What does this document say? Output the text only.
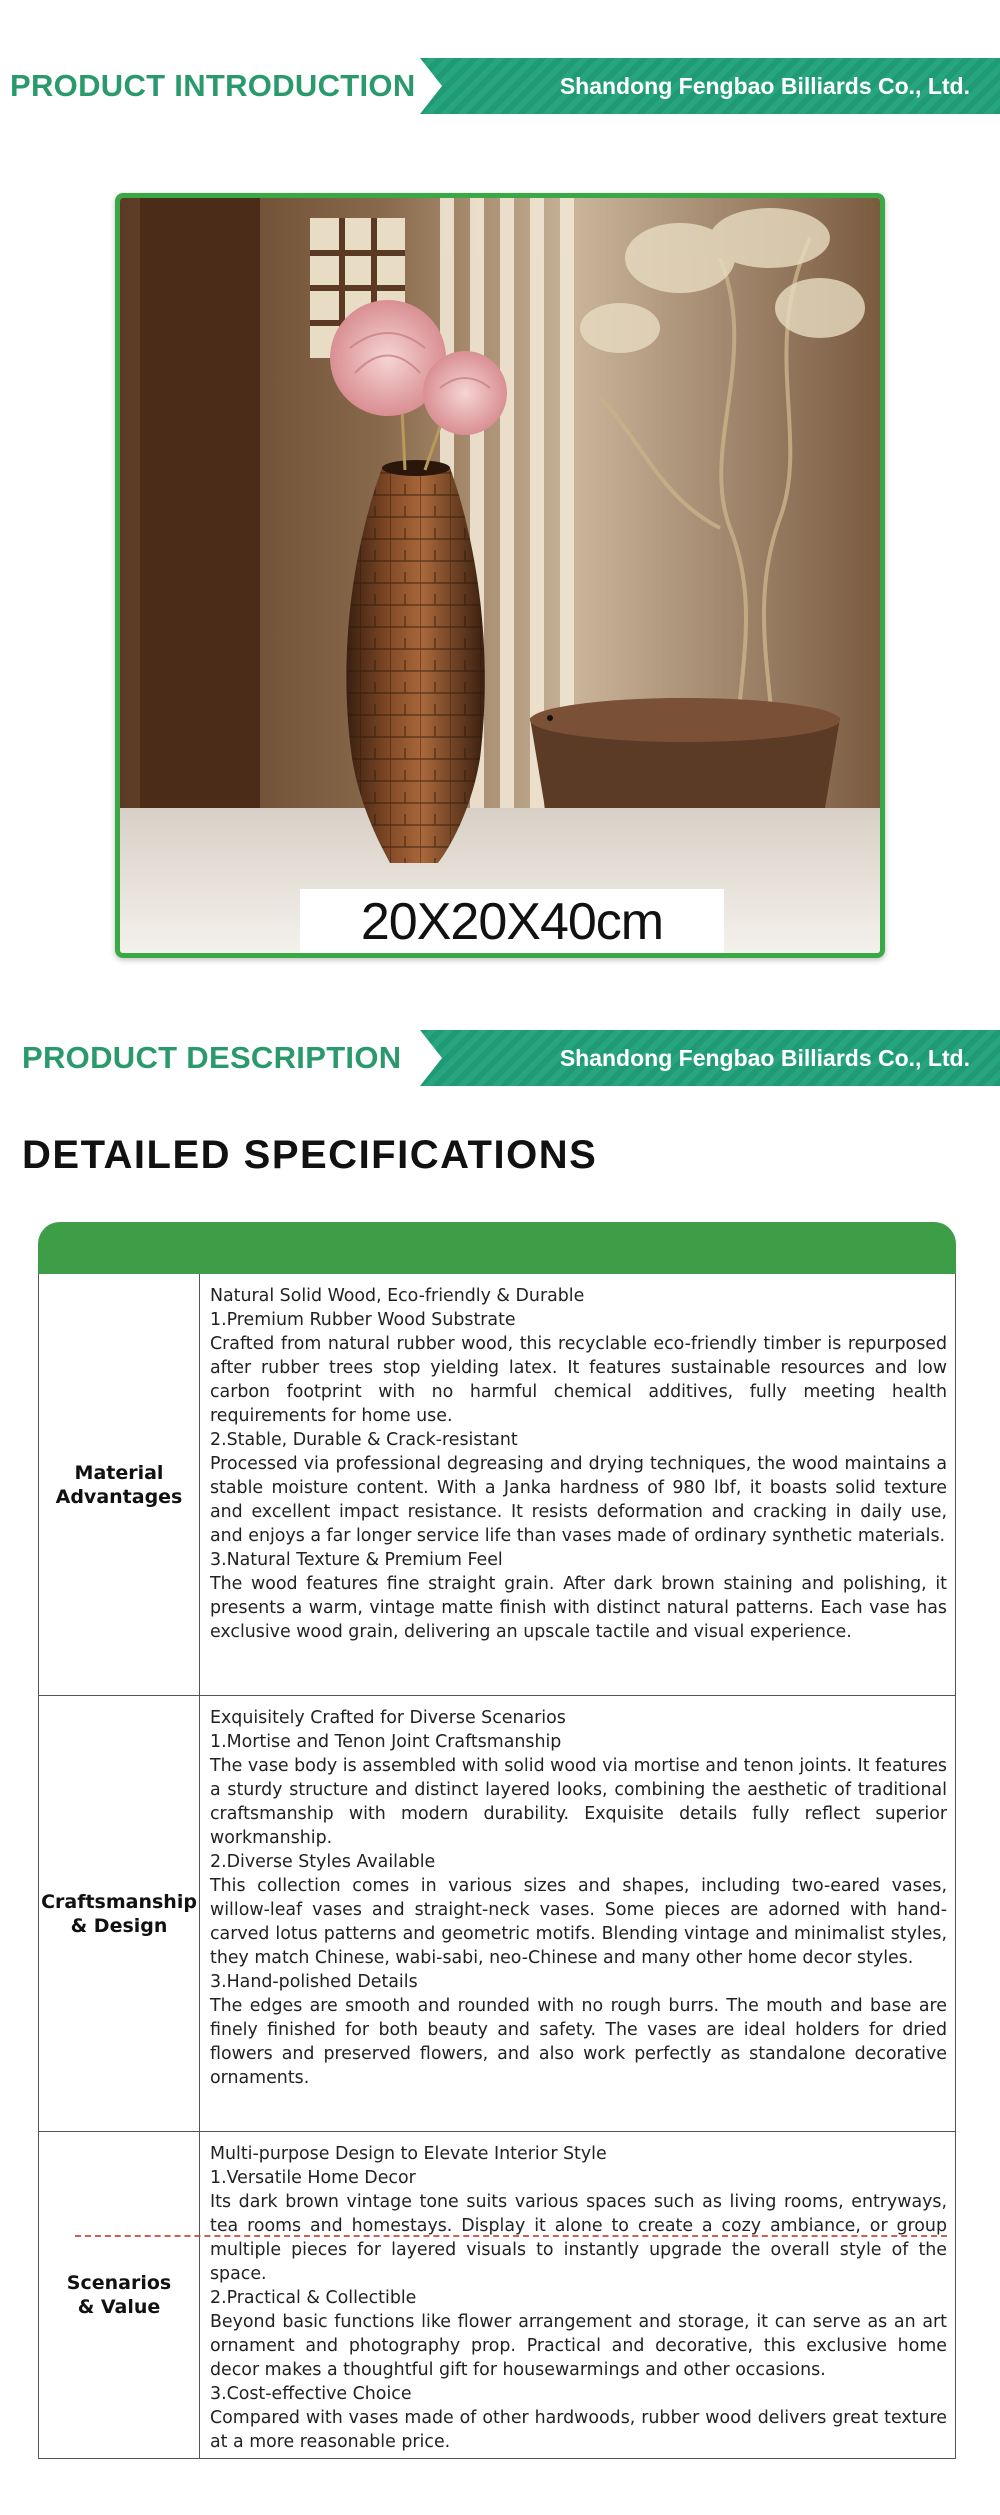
PRODUCT INTRODUCTION	Shandong Fengbao Billiards Co., Ltd.
20X20X40cm
PRODUCT DESCRIPTION	Shandong Fengbao Billiards Co., Ltd.
DETAILED SPECIFICATIONS
Material
Advantages

Natural Solid Wood, Eco-friendly & Durable

1.Premium Rubber Wood Substrate

Crafted from natural rubber wood, this recyclable eco-friendly timber is repurposed after rubber trees stop yielding latex. It features sustainable resources and low carbon footprint with no harmful chemical additives, fully meeting health requirements for home use.

2.Stable, Durable & Crack-resistant

Processed via professional degreasing and drying techniques, the wood maintains a stable moisture content. With a Janka hardness of 980 lbf, it boasts solid texture and excellent impact resistance. It resists deformation and cracking in daily use, and enjoys a far longer service life than vases made of ordinary synthetic materials.

3.Natural Texture & Premium Feel

The wood features fine straight grain. After dark brown staining and polishing, it presents a warm, vintage matte finish with distinct natural patterns. Each vase has exclusive wood grain, delivering an upscale tactile and visual experience.

Craftsmanship
& Design

Exquisitely Crafted for Diverse Scenarios

1.Mortise and Tenon Joint Craftsmanship

The vase body is assembled with solid wood via mortise and tenon joints. It features a sturdy structure and distinct layered looks, combining the aesthetic of traditional craftsmanship with modern durability. Exquisite details fully reflect superior workmanship.

2.Diverse Styles Available

This collection comes in various sizes and shapes, including two-eared vases, willow-leaf vases and straight-neck vases. Some pieces are adorned with hand-carved lotus patterns and geometric motifs. Blending vintage and minimalist styles, they match Chinese, wabi-sabi, neo-Chinese and many other home decor styles.

3.Hand-polished Details

The edges are smooth and rounded with no rough burrs. The mouth and base are finely finished for both beauty and safety. The vases are ideal holders for dried flowers and preserved flowers, and also work perfectly as standalone decorative ornaments.

Scenarios
& Value

Multi-purpose Design to Elevate Interior Style

1.Versatile Home Decor

Its dark brown vintage tone suits various spaces such as living rooms, entryways, tea rooms and homestays. Display it alone to create a cozy ambiance, or group multiple pieces for layered visuals to instantly upgrade the overall style of the space.

2.Practical & Collectible

Beyond basic functions like flower arrangement and storage, it can serve as an art ornament and photography prop. Practical and decorative, this exclusive home decor makes a thoughtful gift for housewarmings and other occasions.

3.Cost-effective Choice

Compared with vases made of other hardwoods, rubber wood delivers great texture at a more reasonable price.
